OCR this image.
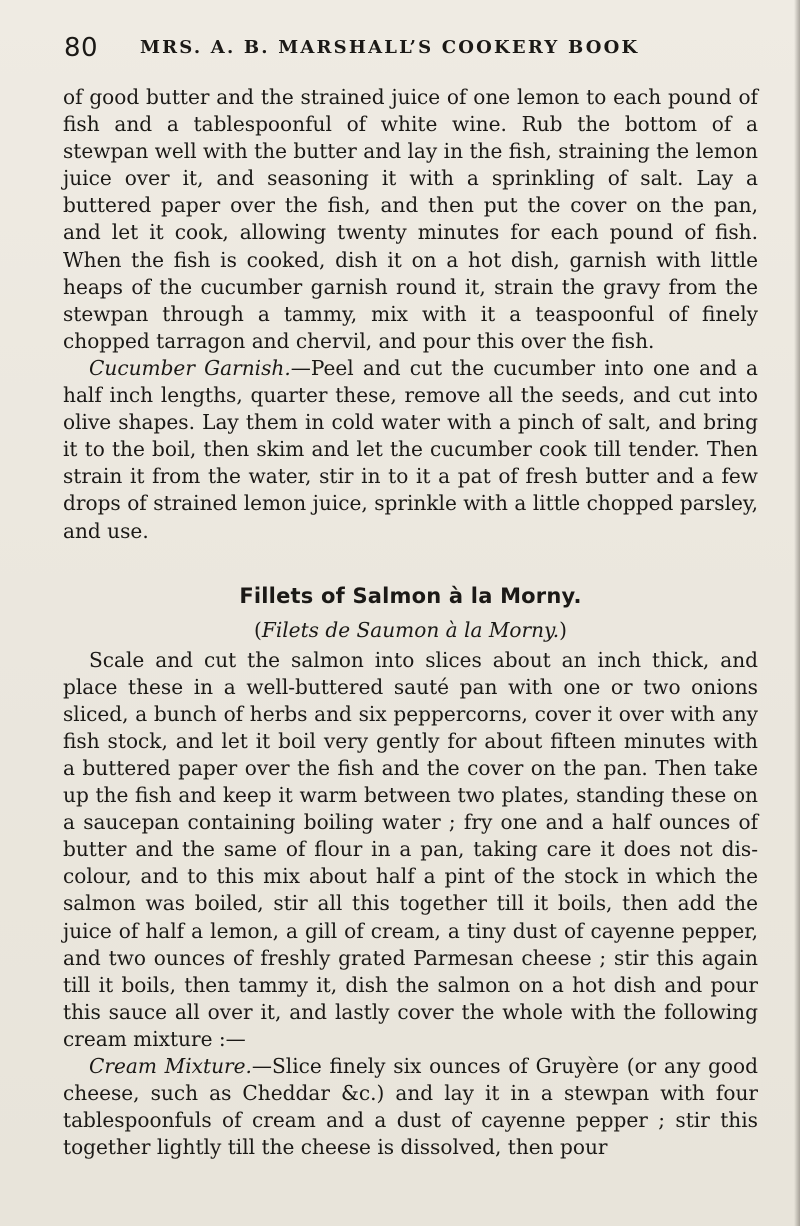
80 MRS. A. B. MARSHALL’S COOKERY BOOK

of good butter and the strained juice of one lemon to each pound of fish and a tablespoonful of white wine. Rub the bottom of a stewpan well with the butter and lay in the fish, straining the lemon juice over it, and seasoning it with a sprinkling of salt. Lay a buttered paper over the fish, and then put the cover on the pan, and let it cook, allowing twenty minutes for each pound of fish. When the fish is cooked, dish it on a hot dish, garnish with little heaps of the cucumber garnish round it, strain the gravy from the stewpan through a tammy, mix with it a teaspoonful of finely chopped tarragon and chervil, and pour this over the fish.

Cucumber Garnish.—Peel and cut the cucumber into one and a half inch lengths, quarter these, remove all the seeds, and cut into olive shapes. Lay them in cold water with a pinch of salt, and bring it to the boil, then skim and let the cucumber cook till tender. Then strain it from the water, stir in to it a pat of fresh butter and a few drops of strained lemon juice, sprinkle with a little chopped parsley, and use.

Fillets of Salmon à la Morny.
(Filets de Saumon à la Morny.)

Scale and cut the salmon into slices about an inch thick, and place these in a well-buttered sauté pan with one or two onions sliced, a bunch of herbs and six peppercorns, cover it over with any fish stock, and let it boil very gently for about fifteen minutes with a buttered paper over the fish and the cover on the pan. Then take up the fish and keep it warm between two plates, standing these on a saucepan containing boiling water ; fry one and a half ounces of butter and the same of flour in a pan, taking care it does not dis- colour, and to this mix about half a pint of the stock in which the salmon was boiled, stir all this together till it boils, then add the juice of half a lemon, a gill of cream, a tiny dust of cayenne pepper, and two ounces of freshly grated Parmesan cheese ; stir this again till it boils, then tammy it, dish the salmon on a hot dish and pour this sauce all over it, and lastly cover the whole with the following cream mixture :—

Cream Mixture.—Slice finely six ounces of Gruyère (or any good cheese, such as Cheddar &c.) and lay it in a stewpan with four tablespoonfuls of cream and a dust of cayenne pepper ; stir this together lightly till the cheese is dissolved, then pour
